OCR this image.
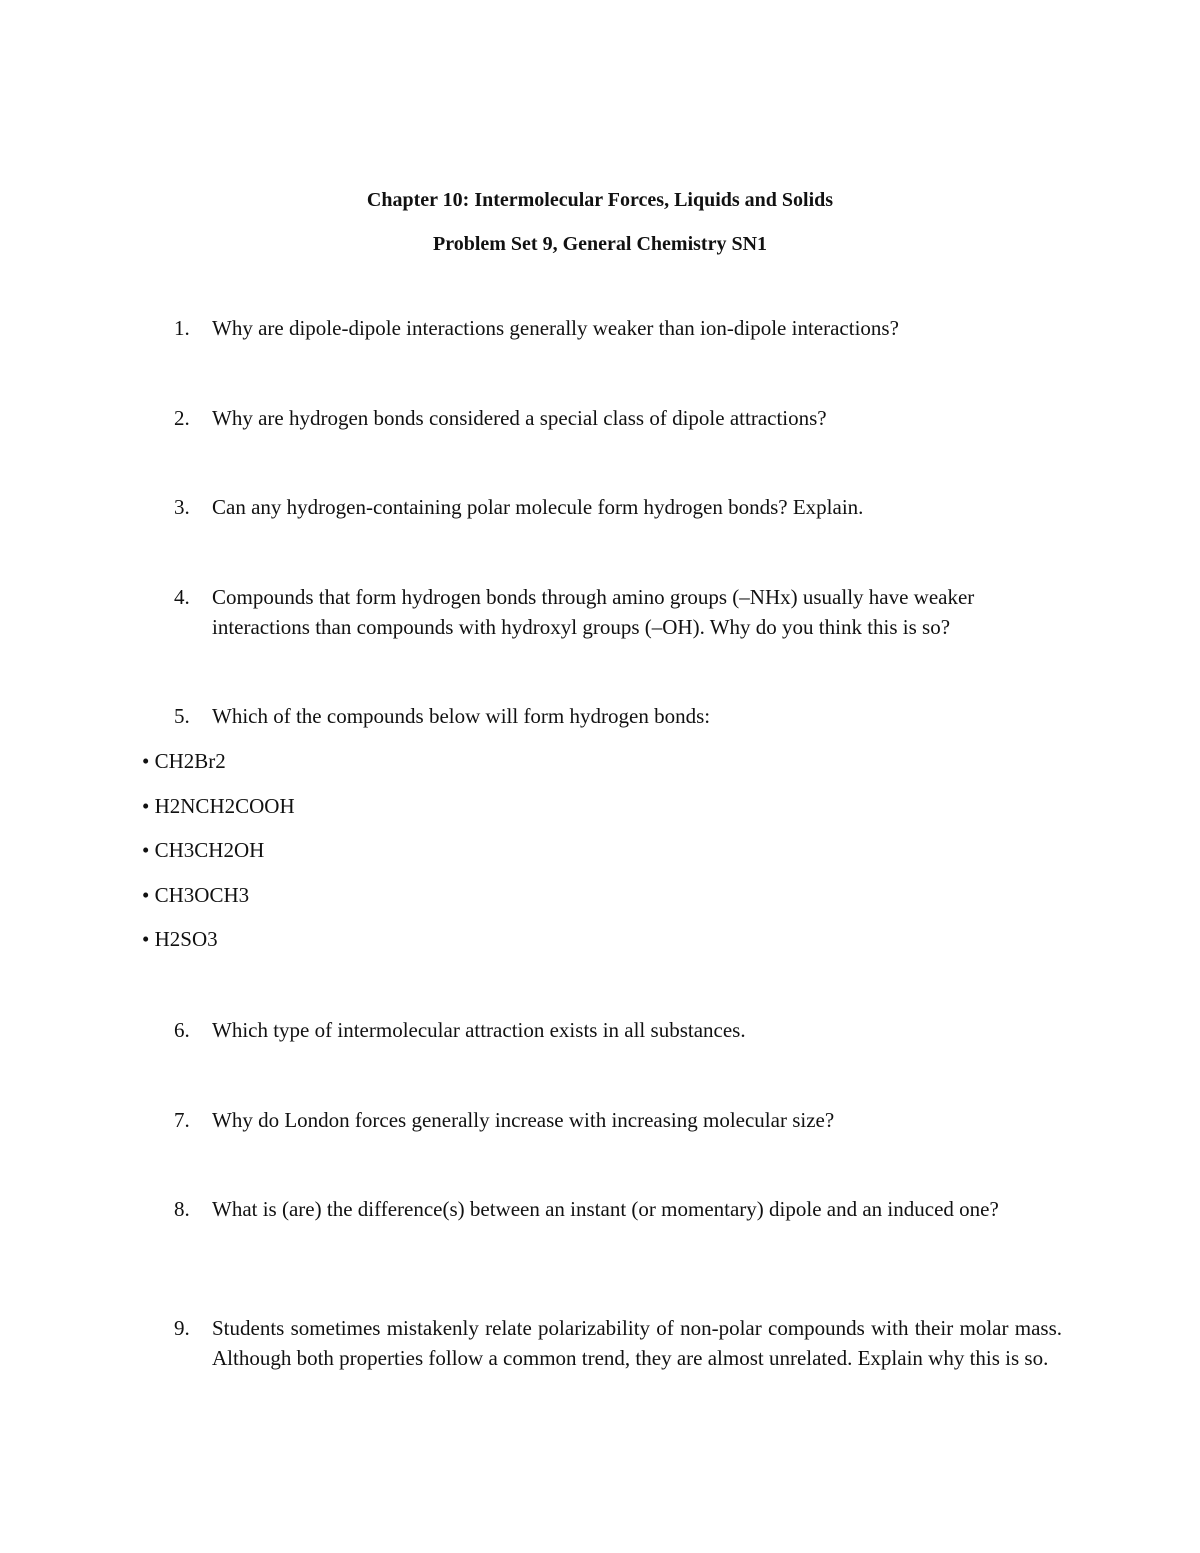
Chapter 10: Intermolecular Forces, Liquids and Solids
Problem Set 9, General Chemistry SN1
1.	Why are dipole-dipole interactions generally weaker than ion-dipole interactions?
2.	Why are hydrogen bonds considered a special class of dipole attractions?
3.	Can any hydrogen-containing polar molecule form hydrogen bonds? Explain.
4.	Compounds that form hydrogen bonds through amino groups (–NHx) usually have weaker interactions than compounds with hydroxyl groups (–OH). Why do you think this is so?
5.	Which of the compounds below will form hydrogen bonds:
• CH2Br2
• H2NCH2COOH
• CH3CH2OH
• CH3OCH3
• H2SO3
6.	Which type of intermolecular attraction exists in all substances.
7.	Why do London forces generally increase with increasing molecular size?
8.	What is (are) the difference(s) between an instant (or momentary) dipole and an induced one?
9.	Students sometimes mistakenly relate polarizability of non-polar compounds with their molar mass. Although both properties follow a common trend, they are almost unrelated. Explain why this is so.
